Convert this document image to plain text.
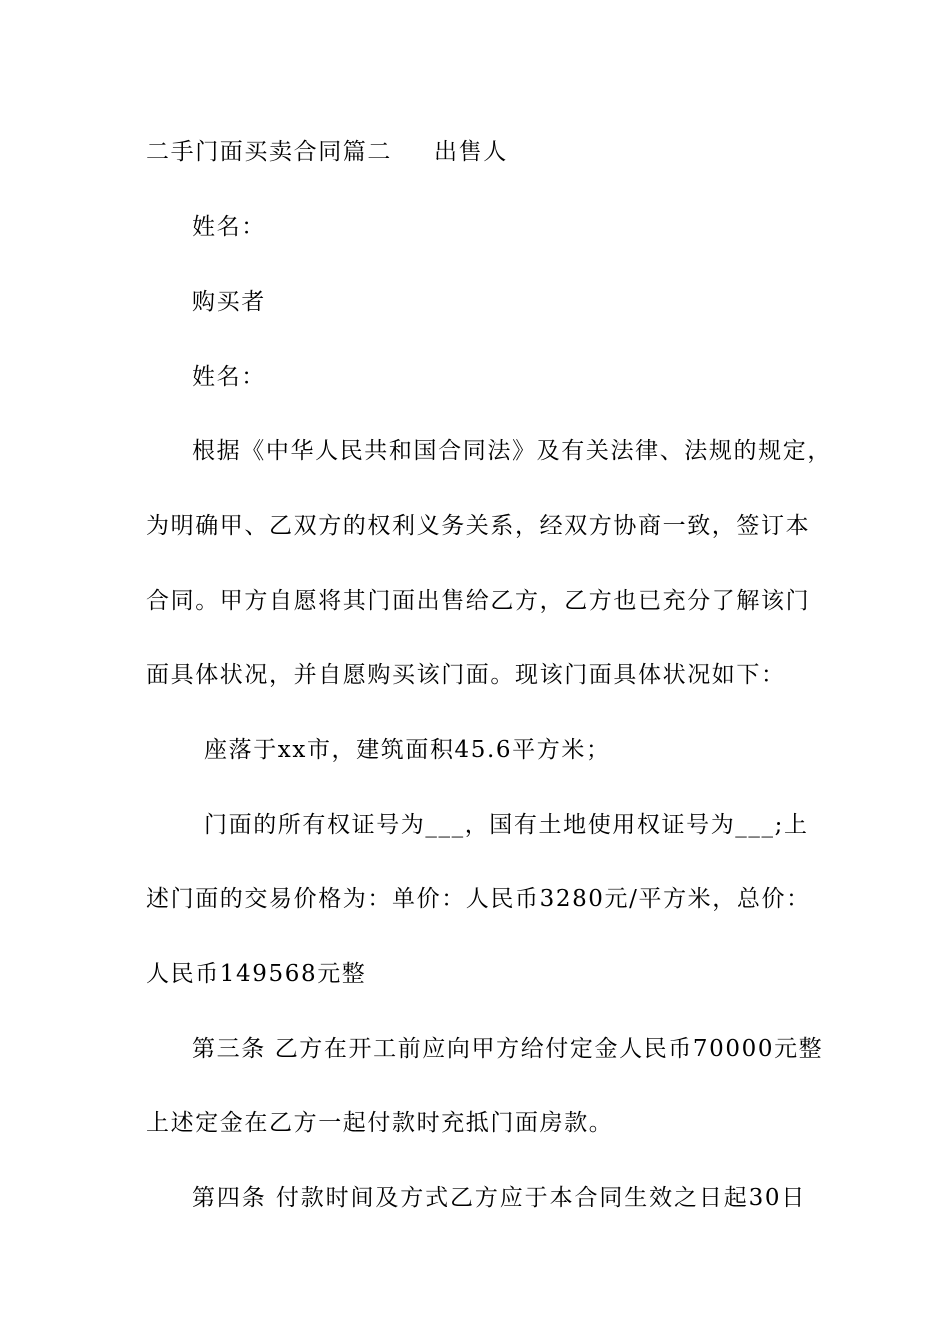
二手门面买卖合同篇二 出售人
姓名：
购买者
姓名：
根据《中华人民共和国合同法》及有关法律、法规的规定，
为明确甲、乙双方的权利义务关系，经双方协商一致，签订本
合同。甲方自愿将其门面出售给乙方，乙方也已充分了解该门
面具体状况，并自愿购买该门面。现该门面具体状况如下：
座落于xx市，建筑面积45.6平方米；
门面的所有权证号为___，国有土地使用权证号为___;上
述门面的交易价格为：单价：人民币3280元/平方米，总价：
人民币149568元整
第三条 乙方在开工前应向甲方给付定金人民币70000元整
上述定金在乙方一起付款时充抵门面房款。
第四条 付款时间及方式乙方应于本合同生效之日起30日
